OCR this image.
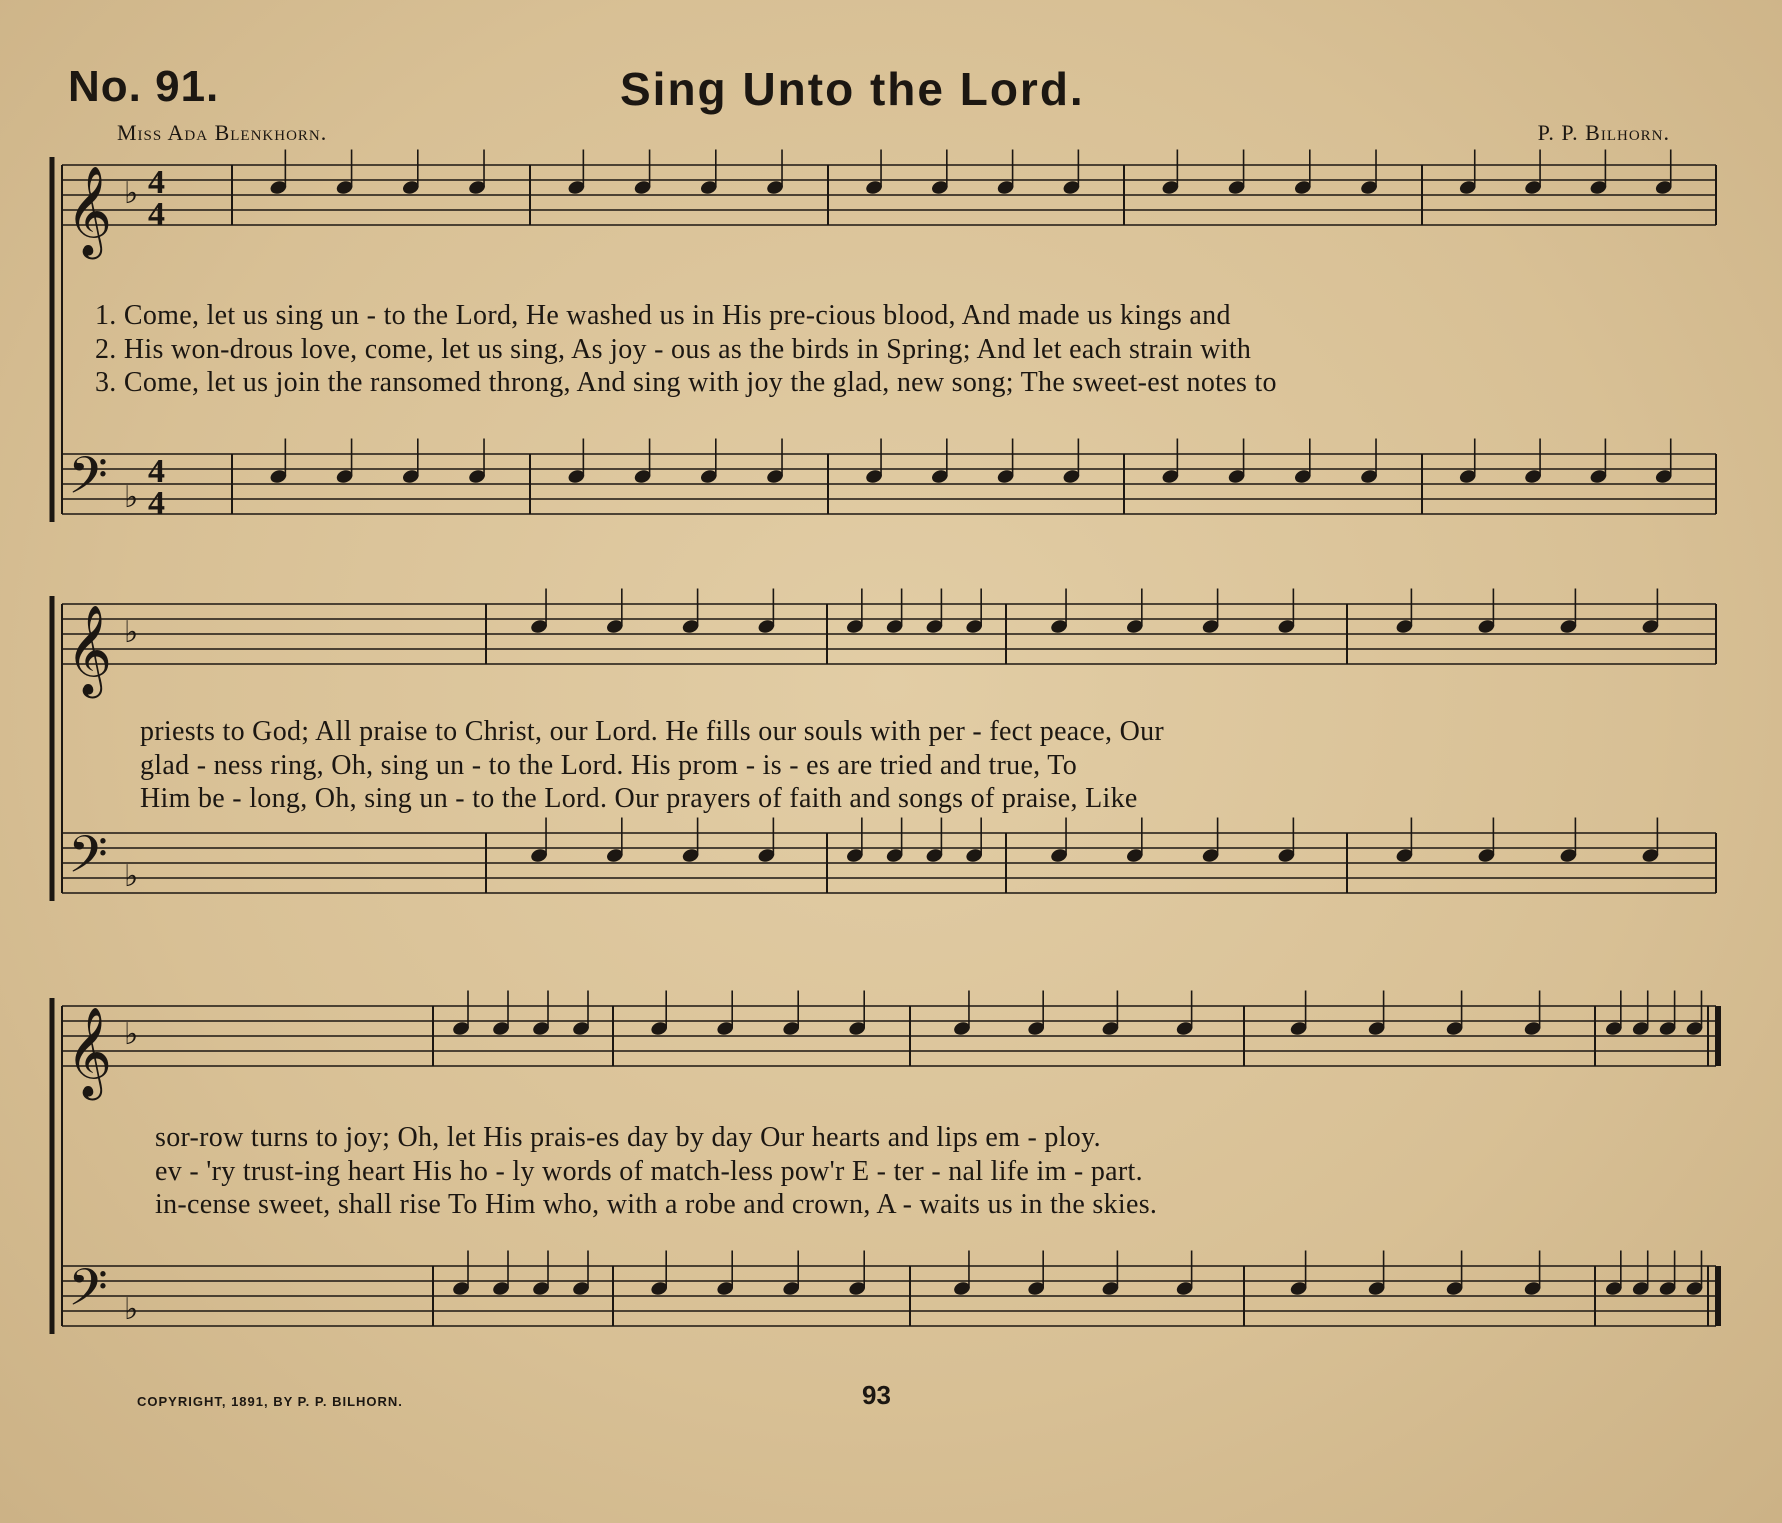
No. 91.	Sing Unto the Lord.
Miss Ada Blenkhorn.	P. P. Bilhorn.
𝄞
𝄢
♭
♭
𝄞
𝄢
♭
♭
𝄞
𝄢
♭
♭
4
4
4
4
1. Come, let us sing un - to the Lord, He washed us in His pre-cious blood, And made us kings and
2. His won-drous love, come, let us sing, As joy - ous as the birds in Spring; And let each strain with
3. Come, let us join the ransomed throng, And sing with joy the glad, new song; The sweet-est notes to
priests to God; All praise to Christ, our Lord. He fills our souls with per - fect peace, Our
glad - ness ring, Oh, sing un - to the Lord. His prom - is - es are tried and true, To
Him be - long, Oh, sing un - to the Lord. Our prayers of faith and songs of praise, Like
sor-row turns to joy; Oh, let His prais-es day by day Our hearts and lips em - ploy.
ev - 'ry trust-ing heart His ho - ly words of match-less pow'r E - ter - nal life im - part.
in-cense sweet, shall rise To Him who, with a robe and crown, A - waits us in the skies.
COPYRIGHT, 1891, BY P. P. BILHORN.	93
